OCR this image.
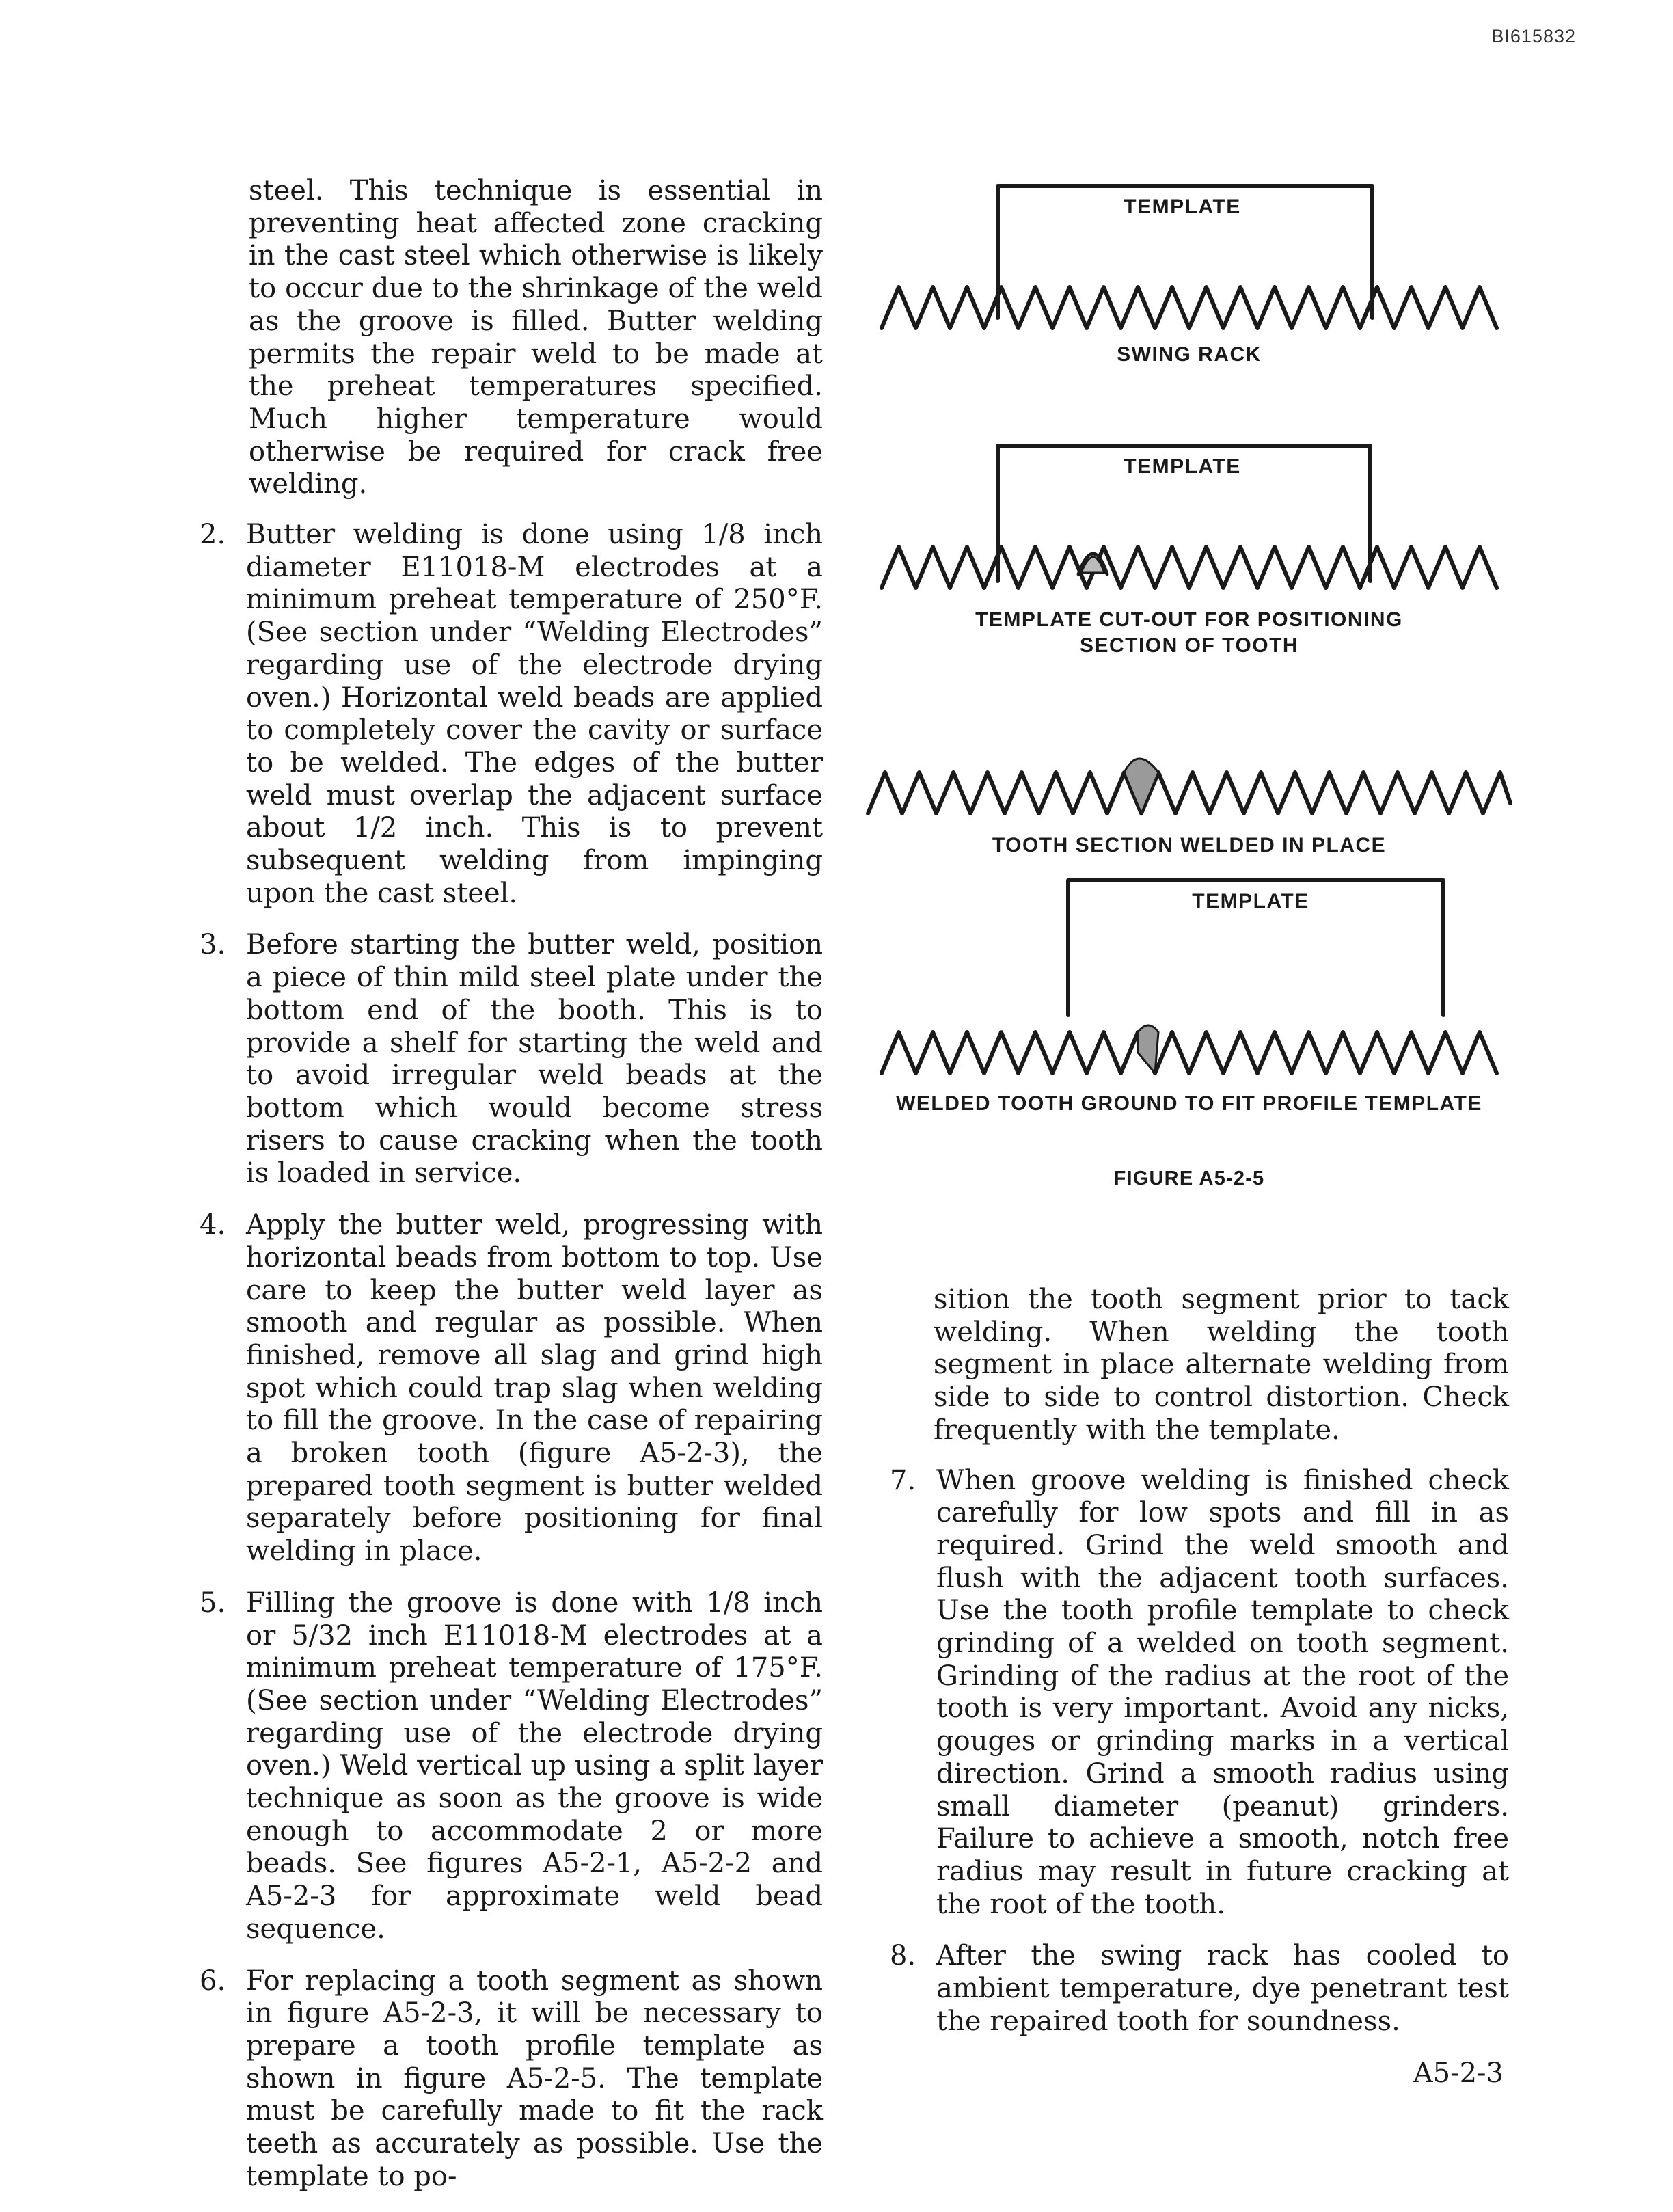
BI615832

steel. This technique is essential in preventing heat affected zone cracking in the cast steel which otherwise is likely to occur due to the shrinkage of the weld as the groove is filled. Butter welding permits the repair weld to be made at the preheat temperatures specified. Much higher temperature would otherwise be required for crack free welding.

2. Butter welding is done using 1/8 inch diameter E11018-M electrodes at a minimum preheat temperature of 250°F. (See section under “Welding Electrodes” regarding use of the electrode drying oven.) Horizontal weld beads are applied to completely cover the cavity or surface to be welded. The edges of the butter weld must overlap the adjacent surface about 1/2 inch. This is to prevent subsequent welding from impinging upon the cast steel.

3. Before starting the butter weld, position a piece of thin mild steel plate under the bottom end of the booth. This is to provide a shelf for starting the weld and to avoid irregular weld beads at the bottom which would become stress risers to cause cracking when the tooth is loaded in service.

4. Apply the butter weld, progressing with horizontal beads from bottom to top. Use care to keep the butter weld layer as smooth and regular as possible. When finished, remove all slag and grind high spot which could trap slag when welding to fill the groove. In the case of repairing a broken tooth (figure A5-2-3), the prepared tooth segment is butter welded separately before positioning for final welding in place.

5. Filling the groove is done with 1/8 inch or 5/32 inch E11018-M electrodes at a minimum preheat temperature of 175°F. (See section under “Welding Electrodes” regarding use of the electrode drying oven.) Weld vertical up using a split layer technique as soon as the groove is wide enough to accommodate 2 or more beads. See figures A5-2-1, A5-2-2 and A5-2-3 for approximate weld bead sequence.

6. For replacing a tooth segment as shown in figure A5-2-3, it will be necessary to prepare a tooth profile template as shown in figure A5-2-5. The template must be carefully made to fit the rack teeth as accurately as possible. Use the template to po-

TEMPLATE
SWING RACK
TEMPLATE
TEMPLATE CUT-OUT FOR POSITIONING
SECTION OF TOOTH
TOOTH SECTION WELDED IN PLACE
TEMPLATE
WELDED TOOTH GROUND TO FIT PROFILE TEMPLATE
FIGURE A5-2-5

sition the tooth segment prior to tack welding. When welding the tooth segment in place alternate welding from side to side to control distortion. Check frequently with the template.

7. When groove welding is finished check carefully for low spots and fill in as required. Grind the weld smooth and flush with the adjacent tooth surfaces. Use the tooth profile template to check grinding of a welded on tooth segment. Grinding of the radius at the root of the tooth is very important. Avoid any nicks, gouges or grinding marks in a vertical direction. Grind a smooth radius using small diameter (peanut) grinders. Failure to achieve a smooth, notch free radius may result in future cracking at the root of the tooth.

8. After the swing rack has cooled to ambient temperature, dye penetrant test the repaired tooth for soundness.

A5-2-3
